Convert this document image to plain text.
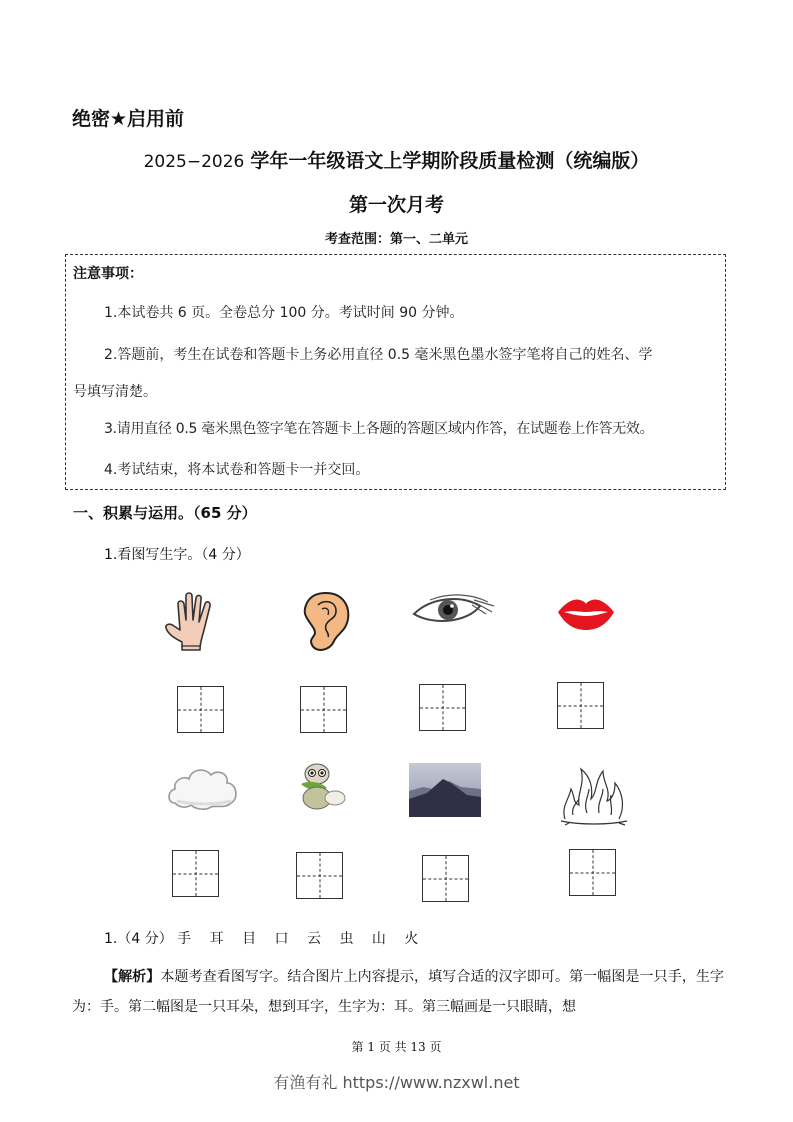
绝密★启用前
2025−2026 学年一年级语文上学期阶段质量检测（统编版）
第一次月考
考查范围：第一、二单元
注意事项：
1.本试卷共 6 页。全卷总分 100 分。考试时间 90 分钟。
2.答题前，考生在试卷和答题卡上务必用直径 0.5 毫米黑色墨水签字笔将自己的姓名、学
号填写清楚。
3.请用直径 0.5 毫米黑色签字笔在答题卡上各题的答题区域内作答，在试题卷上作答无效。
4.考试结束，将本试卷和答题卡一并交回。
一、积累与运用。（65 分）
1.看图写生字。（4 分）
1.（4 分） 手 耳 目 口 云 虫 山 火
【解析】本题考查看图写字。结合图片上内容提示，填写合适的汉字即可。第一幅图是一只手，生字为：手。第二幅图是一只耳朵，想到耳字，生字为：耳。第三幅画是一只眼睛，想
第 1 页 共 13 页
有渔有礼 https://www.nzxwl.net
